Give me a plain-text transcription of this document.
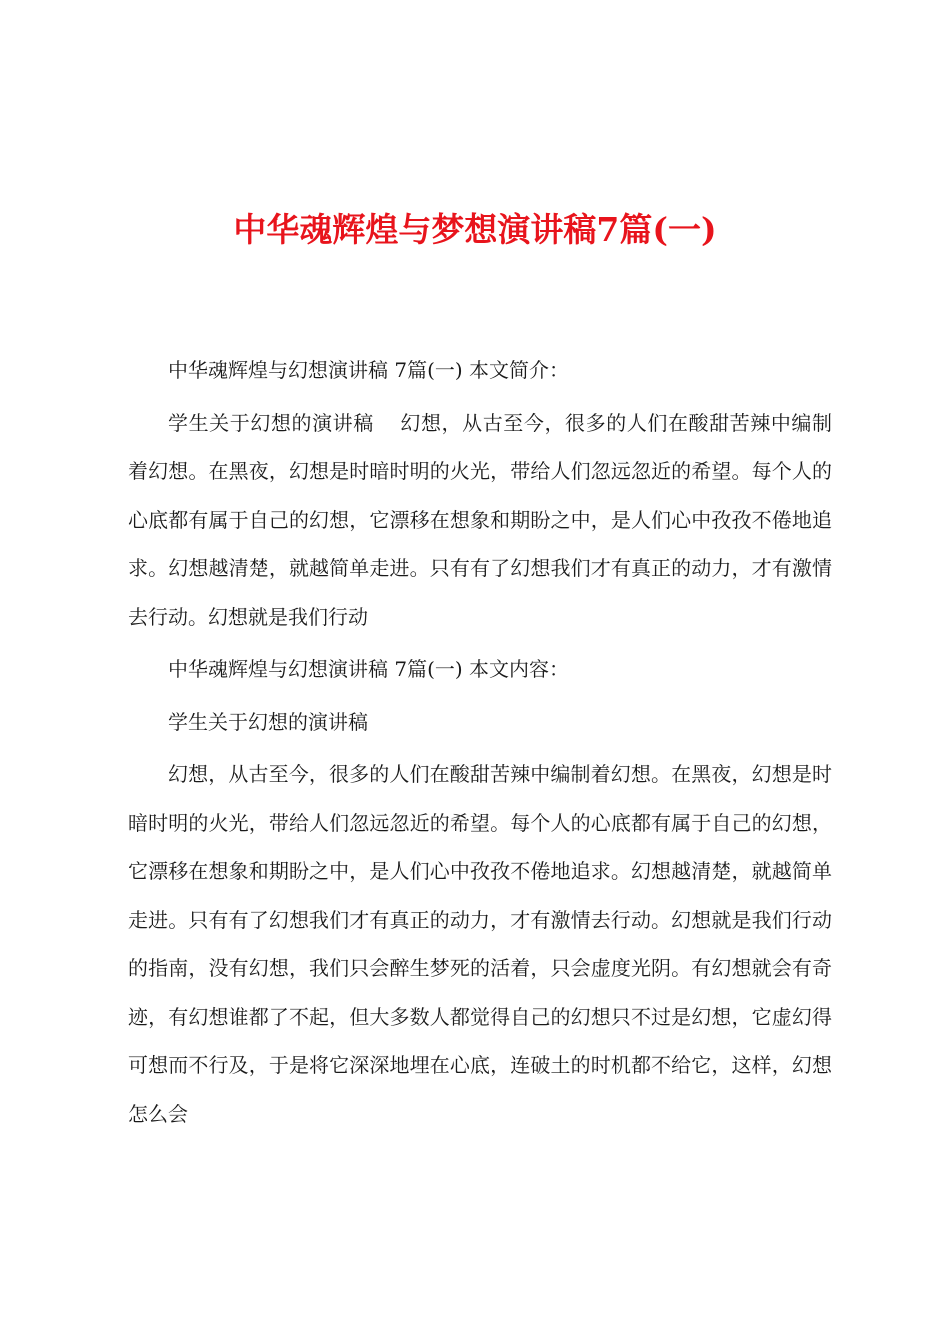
中华魂辉煌与梦想演讲稿7篇(一)

中华魂辉煌与幻想演讲稿 7篇(一) 本文简介：

学生关于幻想的演讲稿 幻想，从古至今，很多的人们在酸甜苦辣中编制着幻想。在黑夜，幻想是时暗时明的火光，带给人们忽远忽近的希望。每个人的心底都有属于自己的幻想，它漂移在想象和期盼之中，是人们心中孜孜不倦地追求。幻想越清楚，就越简单走进。只有有了幻想我们才有真正的动力，才有激情去行动。幻想就是我们行动

中华魂辉煌与幻想演讲稿 7篇(一) 本文内容：

学生关于幻想的演讲稿

幻想，从古至今，很多的人们在酸甜苦辣中编制着幻想。在黑夜，幻想是时暗时明的火光，带给人们忽远忽近的希望。每个人的心底都有属于自己的幻想，它漂移在想象和期盼之中，是人们心中孜孜不倦地追求。幻想越清楚，就越简单走进。只有有了幻想我们才有真正的动力，才有激情去行动。幻想就是我们行动的指南，没有幻想，我们只会醉生梦死的活着，只会虚度光阴。有幻想就会有奇迹，有幻想谁都了不起，但大多数人都觉得自己的幻想只不过是幻想，它虚幻得可想而不行及，于是将它深深地埋在心底，连破土的时机都不给它，这样，幻想怎么会
